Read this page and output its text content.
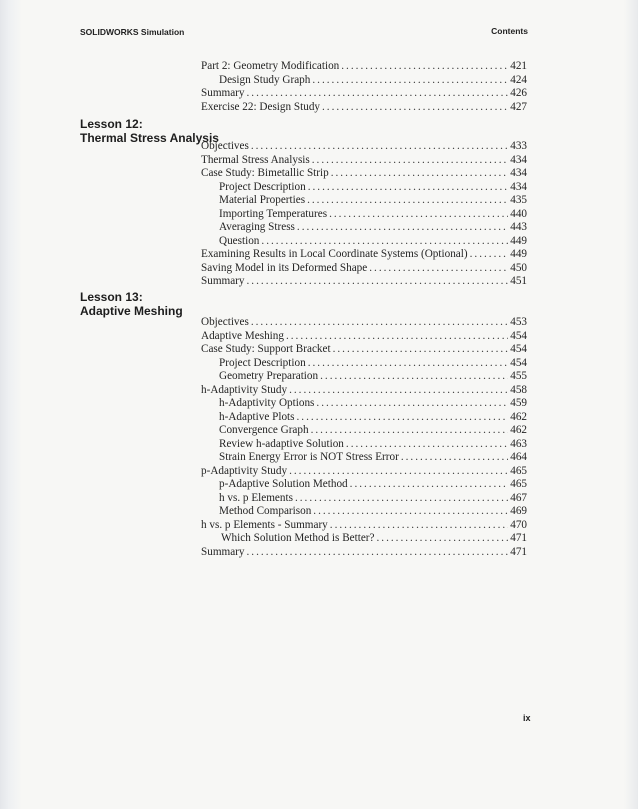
SOLIDWORKS Simulation	Contents
Lesson 12:
Thermal Stress Analysis
Lesson 13:
Adaptive Meshing
Part 2: Geometry Modification . . .	421
Design Study Graph . . .	424
Summary . . .	426
Exercise 22: Design Study . . .	427
Objectives . . .	433
Thermal Stress Analysis . . .	434
Case Study: Bimetallic Strip . . .	434
Project Description . . .	434
Material Properties . . .	435
Importing Temperatures . . .	440
Averaging Stress . . .	443
Question . . .	449
Examining Results in Local Coordinate Systems (Optional) . . .	449
Saving Model in its Deformed Shape . . .	450
Summary . . .	451
Objectives . . .	453
Adaptive Meshing . . .	454
Case Study: Support Bracket . . .	454
Project Description . . .	454
Geometry Preparation . . .	455
h-Adaptivity Study . . .	458
h-Adaptivity Options . . .	459
h-Adaptive Plots . . .	462
Convergence Graph . . .	462
Review h-adaptive Solution . . .	463
Strain Energy Error is NOT Stress Error . . .	464
p-Adaptivity Study . . .	465
p-Adaptive Solution Method . . .	465
h vs. p Elements . . .	467
Method Comparison . . .	469
h vs. p Elements - Summary . . .	470
Which Solution Method is Better? . . .	471
Summary . . .	471
ix
